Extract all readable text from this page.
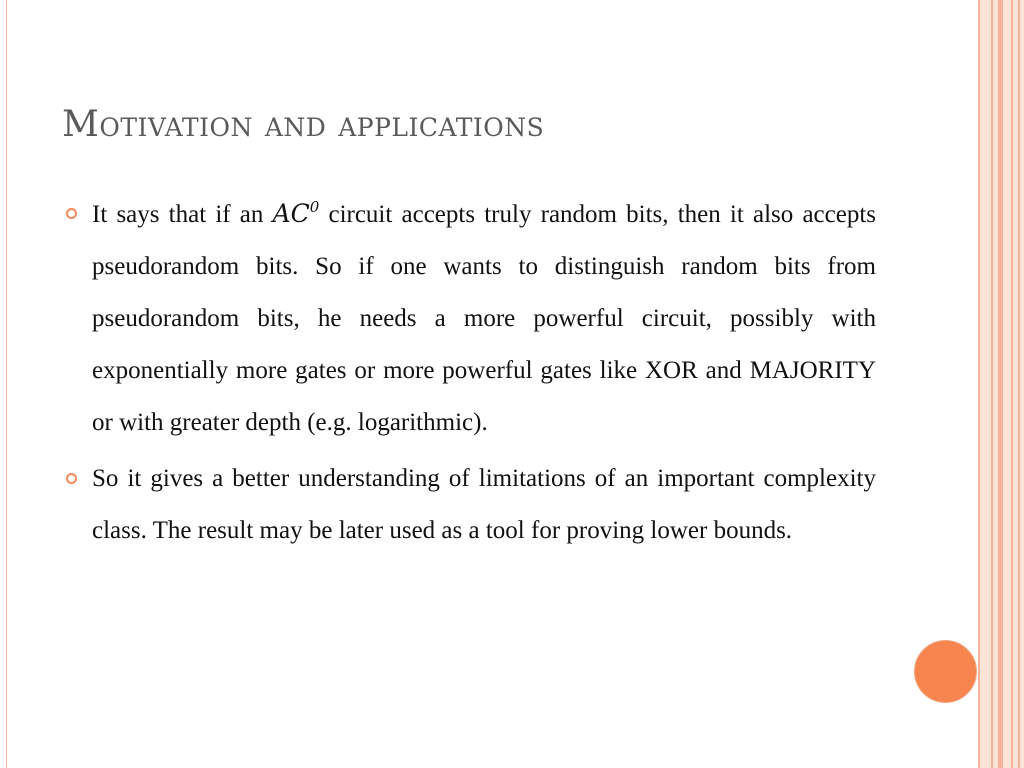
Motivation and applications
It says that if an $AC^0$ circuit accepts truly random bits, then it also accepts pseudorandom bits. So if one wants to distinguish random bits from pseudorandom bits, he needs a more powerful circuit, possibly with exponentially more gates or more powerful gates like XOR and MAJORITY or with greater depth (e.g. logarithmic).
So it gives a better understanding of limitations of an important complexity class. The result may be later used as a tool for proving lower bounds.
